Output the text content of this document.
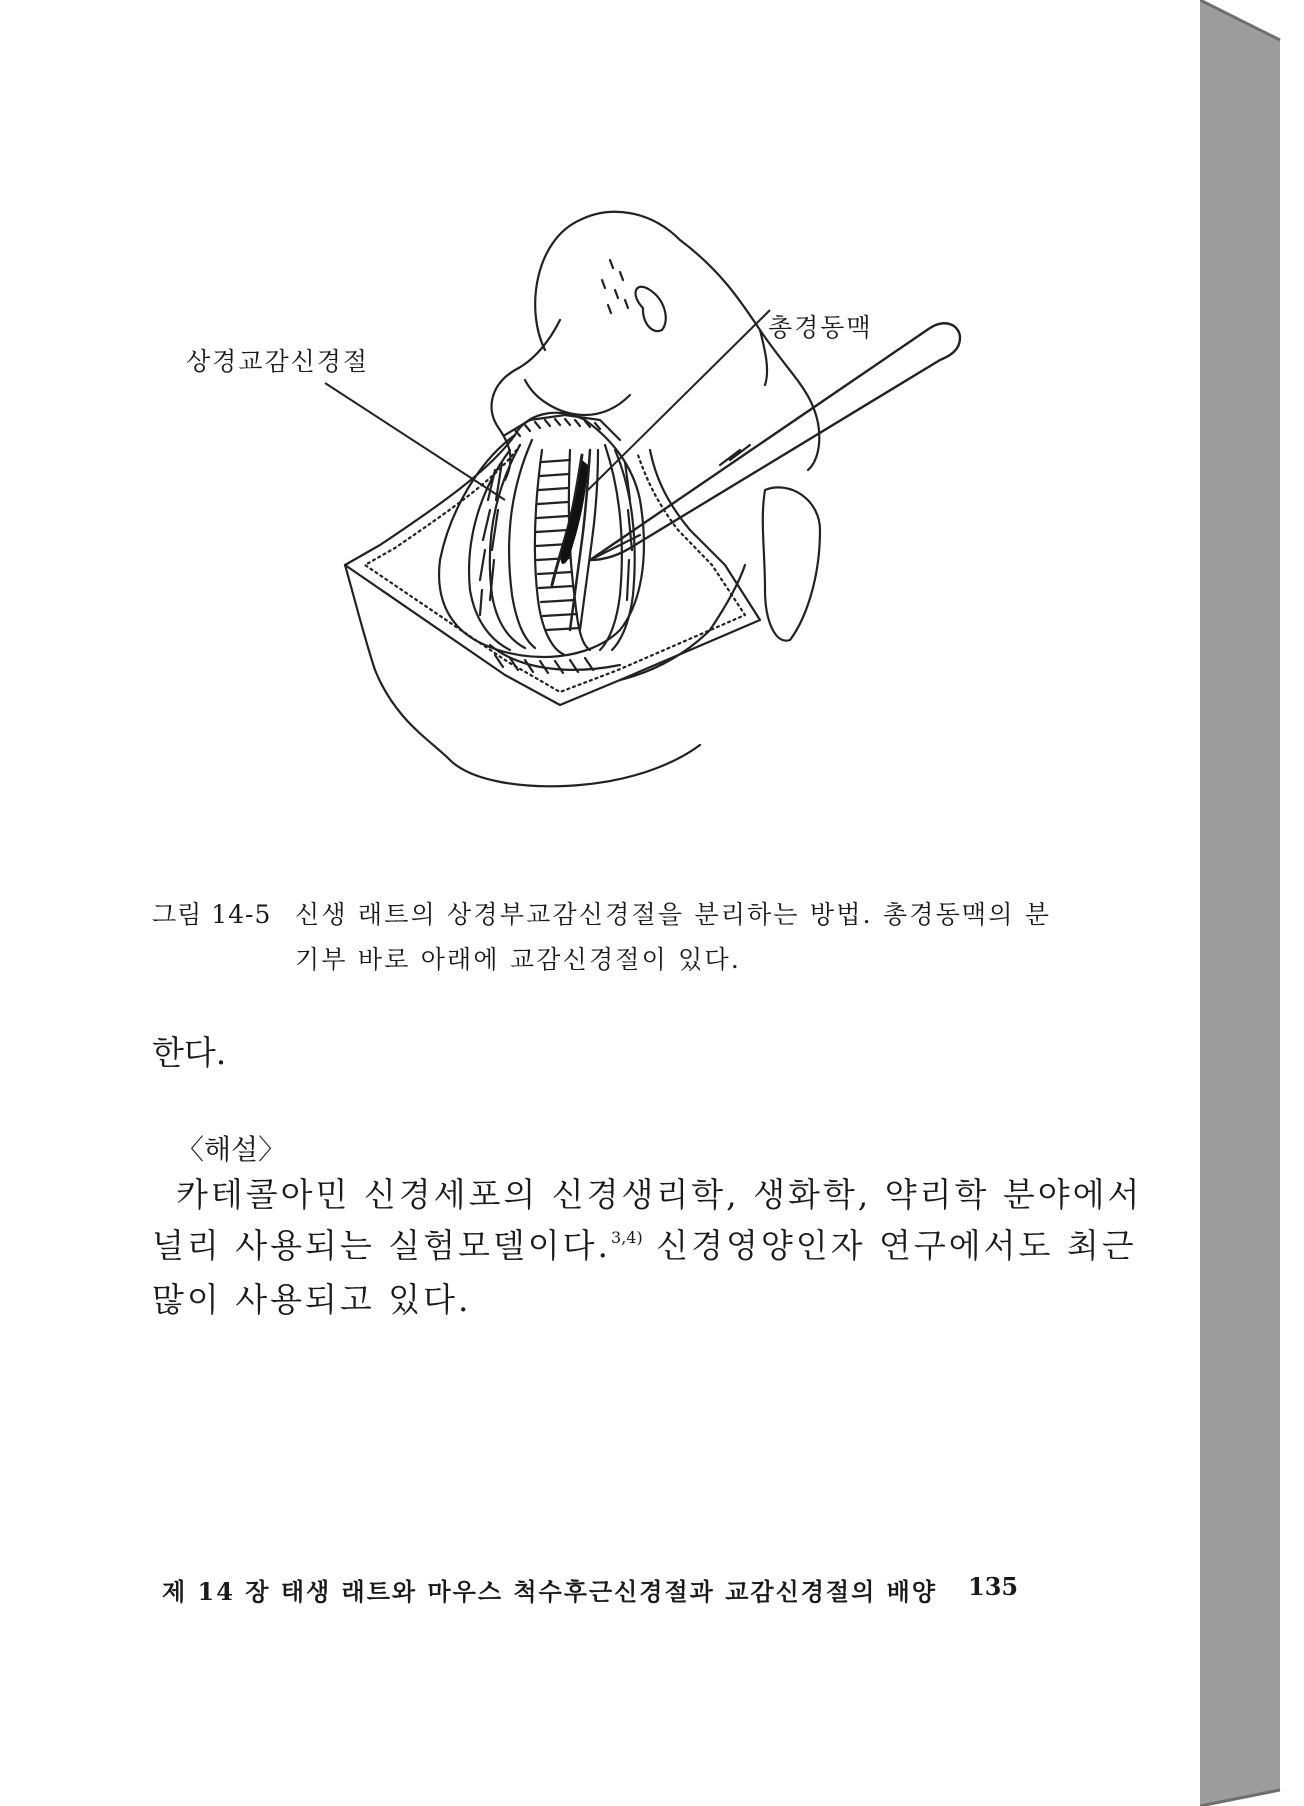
상경교감신경절
총경동맥
그림 14-5 신생 래트의 상경부교감신경절을 분리하는 방법. 총경동맥의 분
기부 바로 아래에 교감신경절이 있다.
한다.
〈해설〉
카테콜아민 신경세포의 신경생리학, 생화학, 약리학 분야에서
널리 사용되는 실험모델이다.$^{3,4)}$ 신경영양인자 연구에서도 최근
많이 사용되고 있다.
제 14 장 태생 래트와 마우스 척수후근신경절과 교감신경절의 배양 135
